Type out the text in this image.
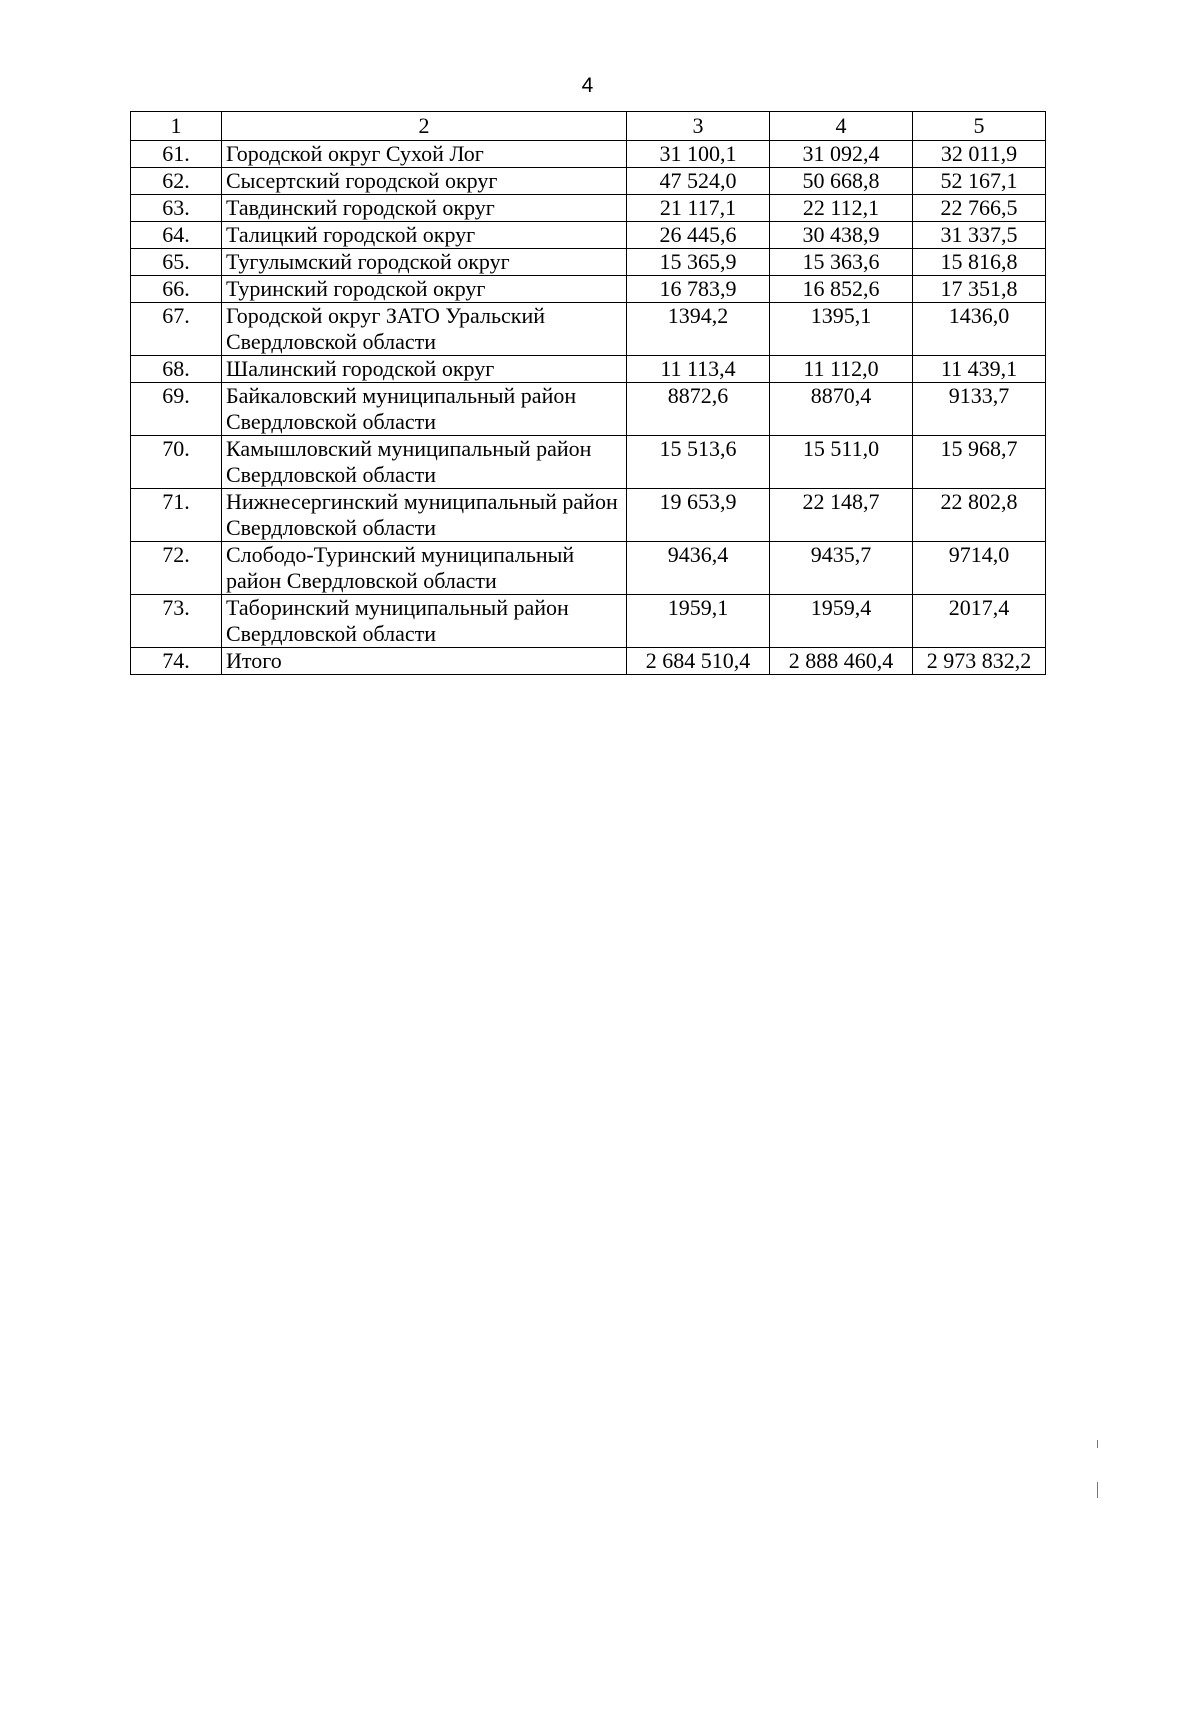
4
1	2	3	4	5
61.	Городской округ Сухой Лог	31 100,1	31 092,4	32 011,9
62.	Сысертский городской округ	47 524,0	50 668,8	52 167,1
63.	Тавдинский городской округ	21 117,1	22 112,1	22 766,5
64.	Талицкий городской округ	26 445,6	30 438,9	31 337,5
65.	Тугулымский городской округ	15 365,9	15 363,6	15 816,8
66.	Туринский городской округ	16 783,9	16 852,6	17 351,8
67.	Городской округ ЗАТО Уральский Свердловской области	1394,2	1395,1	1436,0
68.	Шалинский городской округ	11 113,4	11 112,0	11 439,1
69.	Байкаловский муниципальный район Свердловской области	8872,6	8870,4	9133,7
70.	Камышловский муниципальный район Свердловской области	15 513,6	15 511,0	15 968,7
71.	Нижнесергинский муниципальный район Свердловской области	19 653,9	22 148,7	22 802,8
72.	Слободо-Туринский муниципальный район Свердловской области	9436,4	9435,7	9714,0
73.	Таборинский муниципальный район Свердловской области	1959,1	1959,4	2017,4
74.	Итого	2 684 510,4	2 888 460,4	2 973 832,2
